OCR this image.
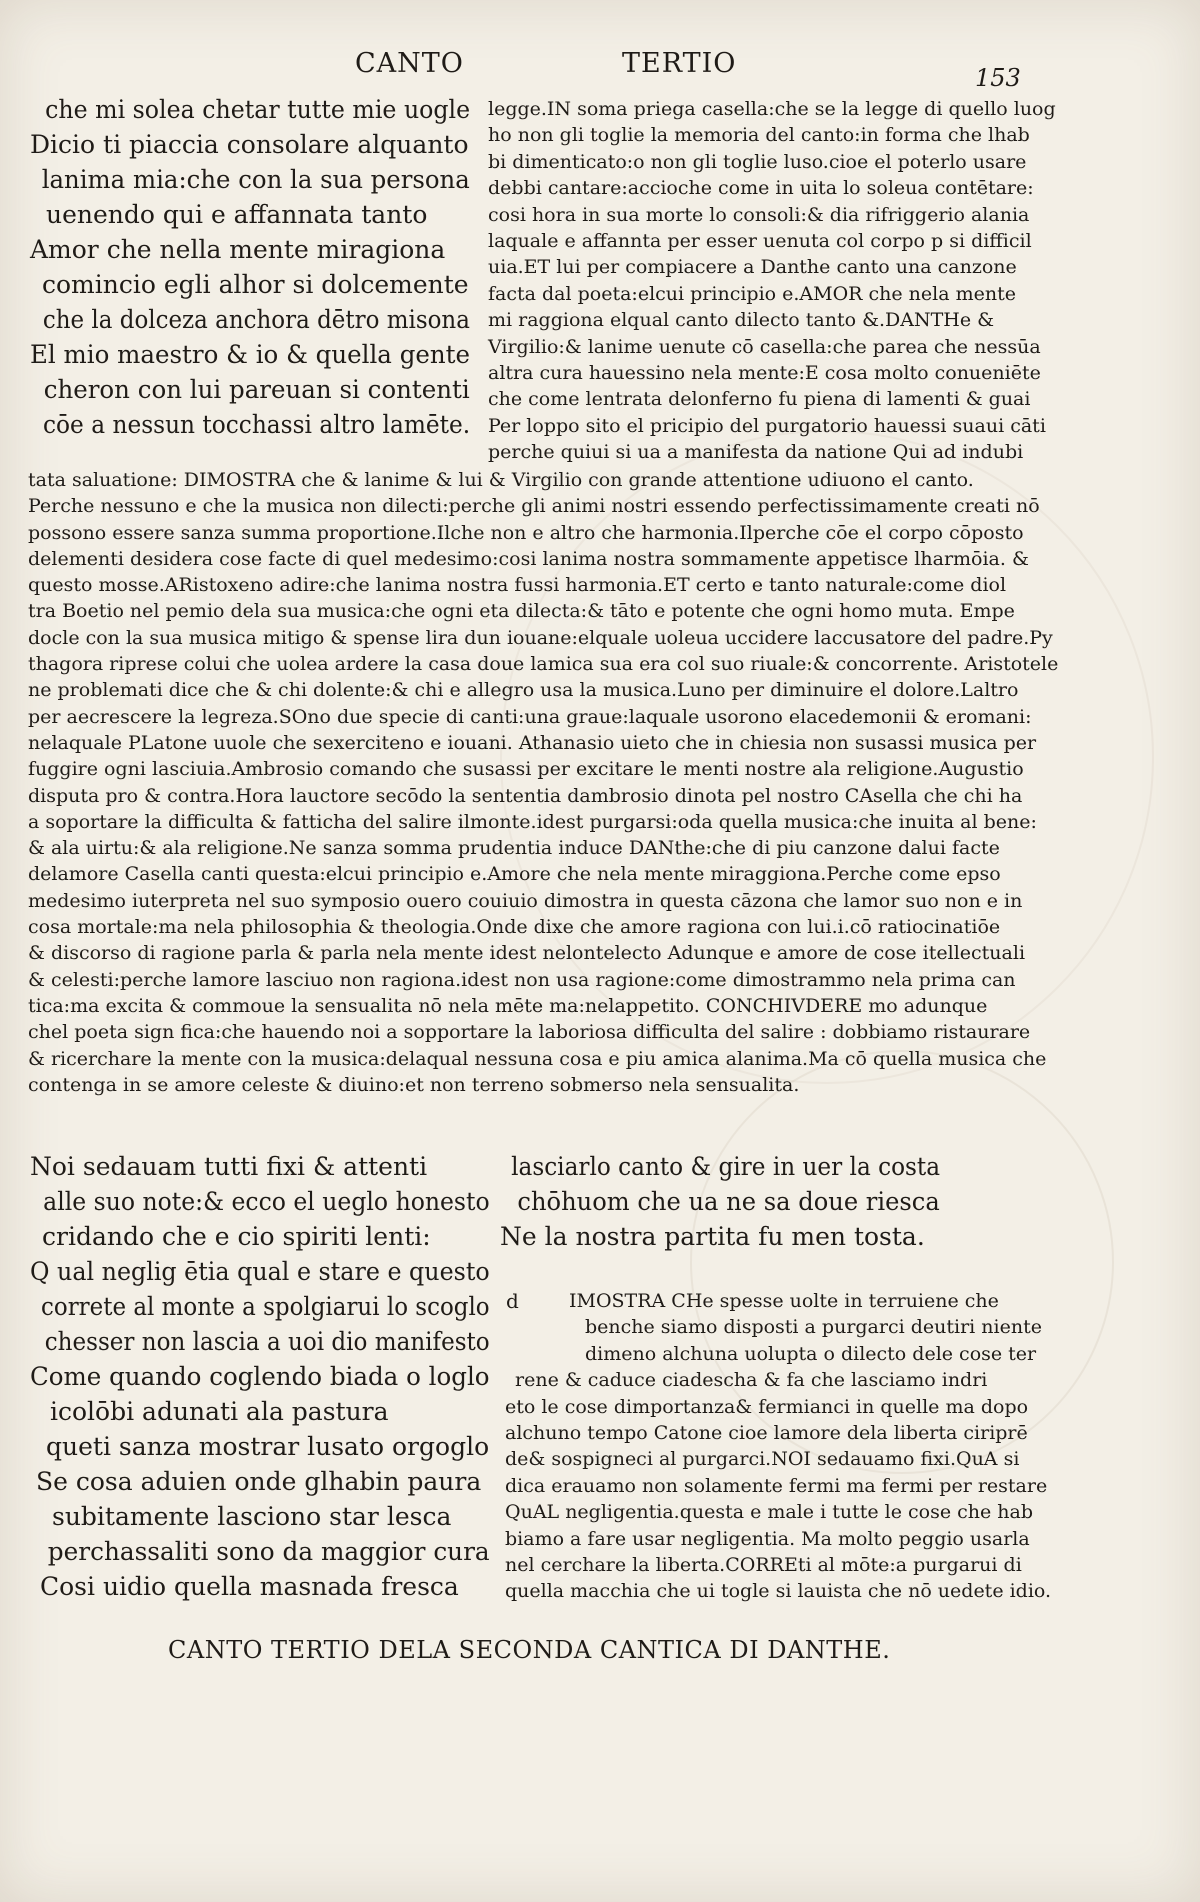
CANTO	TERTIO	153
che mi solea chetar tutte mie uogle
Dicio ti piaccia consolare alquanto
lanima mia:che con la sua persona
uenendo qui e affannata tanto
Amor che nella mente miragiona
comincio egli alhor si dolcemente
che la dolceza anchora dētro misona
El mio maestro & io & quella gente
cheron con lui pareuan si contenti
cōe a nessun tocchassi altro lamēte.
legge.IN soma priega casella:che se la legge di quello luog
ho non gli toglie la memoria del canto:in forma che lhab
bi dimenticato:o non gli toglie luso.cioe el poterlo usare
debbi cantare:accioche come in uita lo soleua contētare:
cosi hora in sua morte lo consoli:& dia rifriggerio alania
laquale e affannta per esser uenuta col corpo p si difficil
uia.ET lui per compiacere a Danthe canto una canzone
facta dal poeta:elcui principio e.AMOR che nela mente
mi raggiona elqual canto dilecto tanto &.DANTHe &
Virgilio:& lanime uenute cō casella:che parea che nessūa
altra cura hauessino nela mente:E cosa molto conueniēte
che come lentrata delonferno fu piena di lamenti & guai
Per loppo sito el pricipio del purgatorio hauessi suaui cāti
perche quiui si ua a manifesta da natione Qui ad indubi
tata saluatione: DIMOSTRA che & lanime & lui & Virgilio con grande attentione udiuono el canto.
Perche nessuno e che la musica non dilecti:perche gli animi nostri essendo perfectissimamente creati nō
possono essere sanza summa proportione.Ilche non e altro che harmonia.Ilperche cōe el corpo cōposto
delementi desidera cose facte di quel medesimo:cosi lanima nostra sommamente appetisce lharmōia. &
questo mosse.ARistoxeno adire:che lanima nostra fussi harmonia.ET certo e tanto naturale:come diol
tra Boetio nel pemio dela sua musica:che ogni eta dilecta:& tāto e potente che ogni homo muta. Empe
docle con la sua musica mitigo & spense lira dun iouane:elquale uoleua uccidere laccusatore del padre.Py
thagora riprese colui che uolea ardere la casa doue lamica sua era col suo riuale:& concorrente. Aristotele
ne problemati dice che & chi dolente:& chi e allegro usa la musica.Luno per diminuire el dolore.Laltro
per aecrescere la legreza.SOno due specie di canti:una graue:laquale usorono elacedemonii & eromani:
nelaquale PLatone uuole che sexerciteno e iouani. Athanasio uieto che in chiesia non susassi musica per
fuggire ogni lasciuia.Ambrosio comando che susassi per excitare le menti nostre ala religione.Augustio
disputa pro & contra.Hora lauctore secōdo la sententia dambrosio dinota pel nostro CAsella che chi ha
a soportare la difficulta & fatticha del salire ilmonte.idest purgarsi:oda quella musica:che inuita al bene:
& ala uirtu:& ala religione.Ne sanza somma prudentia induce DANthe:che di piu canzone dalui facte
delamore Casella canti questa:elcui principio e.Amore che nela mente miraggiona.Perche come epso
medesimo iuterpreta nel suo symposio ouero couiuio dimostra in questa cāzona che lamor suo non e in
cosa mortale:ma nela philosophia & theologia.Onde dixe che amore ragiona con lui.i.cō ratiocinatiōe
& discorso di ragione parla & parla nela mente idest nelontelecto Adunque e amore de cose itellectuali
& celesti:perche lamore lasciuo non ragiona.idest non usa ragione:come dimostrammo nela prima can
tica:ma excita & commoue la sensualita nō nela mēte ma:nelappetito. CONCHIVDERE mo adunque
chel poeta sign fica:che hauendo noi a sopportare la laboriosa difficulta del salire : dobbiamo ristaurare
& ricerchare la mente con la musica:delaqual nessuna cosa e piu amica alanima.Ma cō quella musica che
contenga in se amore celeste & diuino:et non terreno sobmerso nela sensualita.
Noi sedauam tutti fixi & attenti
alle suo note:& ecco el ueglo honesto
cridando che e cio spiriti lenti:
Q ual neglig ētia qual e stare e questo
correte al monte a spolgiarui lo scoglo
chesser non lascia a uoi dio manifesto
Come quando coglendo biada o loglo
icolōbi adunati ala pastura
queti sanza mostrar lusato orgoglo
Se cosa aduien onde glhabin paura
subitamente lasciono star lesca
perchassaliti sono da maggior cura
Cosi uidio quella masnada fresca
lasciarlo canto & gire in uer la costa
chōhuom che ua ne sa doue riesca
Ne la nostra partita fu men tosta.
d	IMOSTRA CHe spesse uolte in terruiene che
benche siamo disposti a purgarci deutiri niente
dimeno alchuna uolupta o dilecto dele cose ter
rene & caduce ciadescha & fa che lasciamo indri
eto le cose dimportanza& fermianci in quelle ma dopo
alchuno tempo Catone cioe lamore dela liberta ciriprē
de& sospigneci al purgarci.NOI sedauamo fixi.QuA si
dica erauamo non solamente fermi ma fermi per restare
QuAL negligentia.questa e male i tutte le cose che hab
biamo a fare usar negligentia. Ma molto peggio usarla
nel cerchare la liberta.CORREti al mōte:a purgarui di
quella macchia che ui togle si lauista che nō uedete idio.
CANTO TERTIO DELA SECONDA CANTICA DI DANTHE.
